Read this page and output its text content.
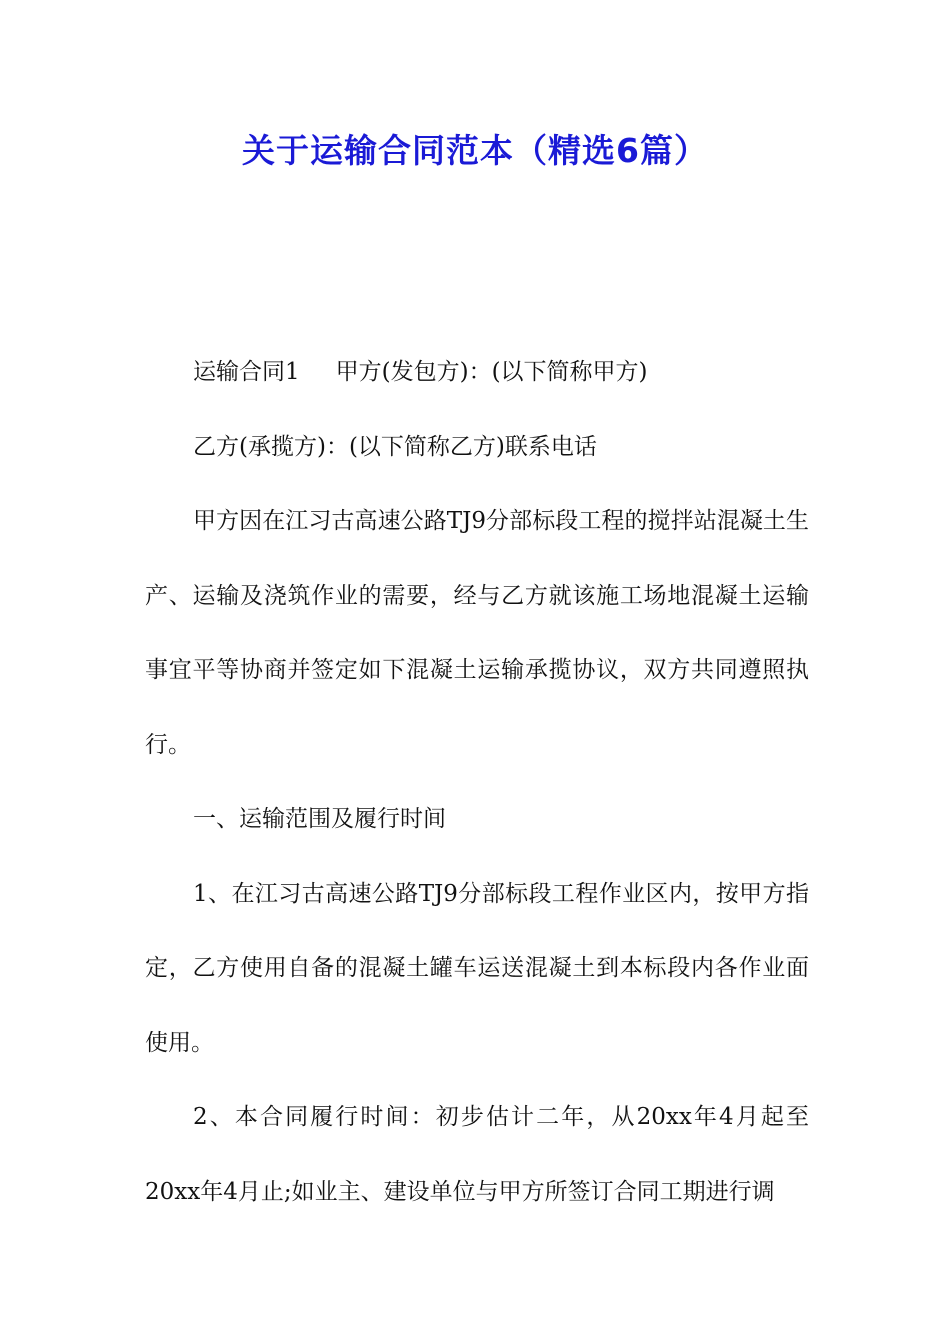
关于运输合同范本（精选6篇）

运输合同1 甲方(发包方)：(以下简称甲方)

乙方(承揽方)：(以下简称乙方)联系电话

甲方因在江习古高速公路TJ9分部标段工程的搅拌站混凝土生产、运输及浇筑作业的需要，经与乙方就该施工场地混凝土运输事宜平等协商并签定如下混凝土运输承揽协议，双方共同遵照执行。

一、运输范围及履行时间

1、在江习古高速公路TJ9分部标段工程作业区内，按甲方指定，乙方使用自备的混凝土罐车运送混凝土到本标段内各作业面使用。

2、本合同履行时间：初步估计二年，从20xx年4月起至20xx年4月止;如业主、建设单位与甲方所签订合同工期进行调
